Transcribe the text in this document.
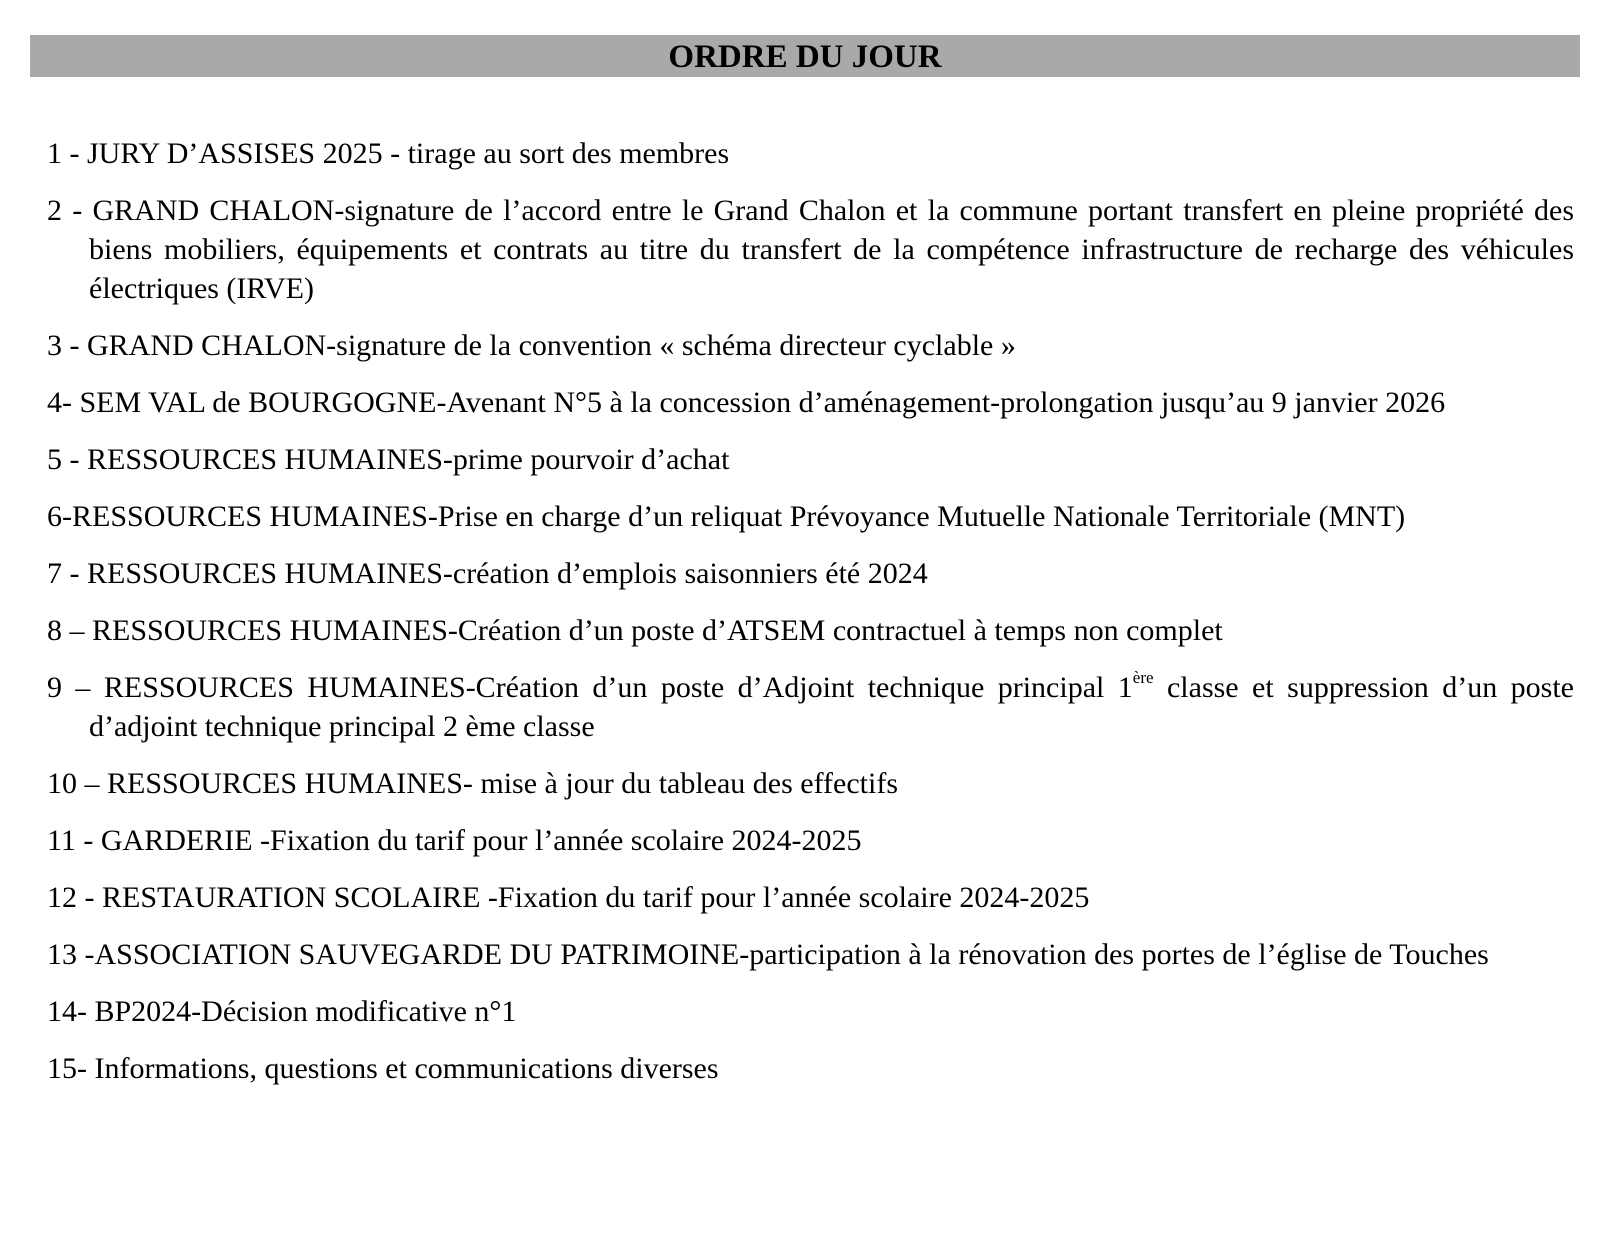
ORDRE DU JOUR
1 - JURY D’ASSISES 2025 - tirage au sort des membres
2 - GRAND CHALON-signature de l’accord entre le Grand Chalon et la commune portant transfert en pleine propriété des biens mobiliers, équipements et contrats au titre du transfert de la compétence infrastructure de recharge des véhicules électriques (IRVE)
3 - GRAND CHALON-signature de la convention « schéma directeur cyclable »
4- SEM VAL de BOURGOGNE-Avenant N°5 à la concession d’aménagement-prolongation jusqu’au 9 janvier 2026
5 - RESSOURCES HUMAINES-prime pourvoir d’achat
6-RESSOURCES HUMAINES-Prise en charge d’un reliquat Prévoyance Mutuelle Nationale Territoriale (MNT)
7 - RESSOURCES HUMAINES-création d’emplois saisonniers été 2024
8 – RESSOURCES HUMAINES-Création d’un poste d’ATSEM contractuel à temps non complet
9 – RESSOURCES HUMAINES-Création d’un poste d’Adjoint technique principal 1ère classe et suppression d’un poste d’adjoint technique principal 2 ème classe
10 – RESSOURCES HUMAINES- mise à jour du tableau des effectifs
11 - GARDERIE -Fixation du tarif pour l’année scolaire 2024-2025
12 - RESTAURATION SCOLAIRE -Fixation du tarif pour l’année scolaire 2024-2025
13 -ASSOCIATION SAUVEGARDE DU PATRIMOINE-participation à la rénovation des portes de l’église de Touches
14- BP2024-Décision modificative n°1
15- Informations, questions et communications diverses
